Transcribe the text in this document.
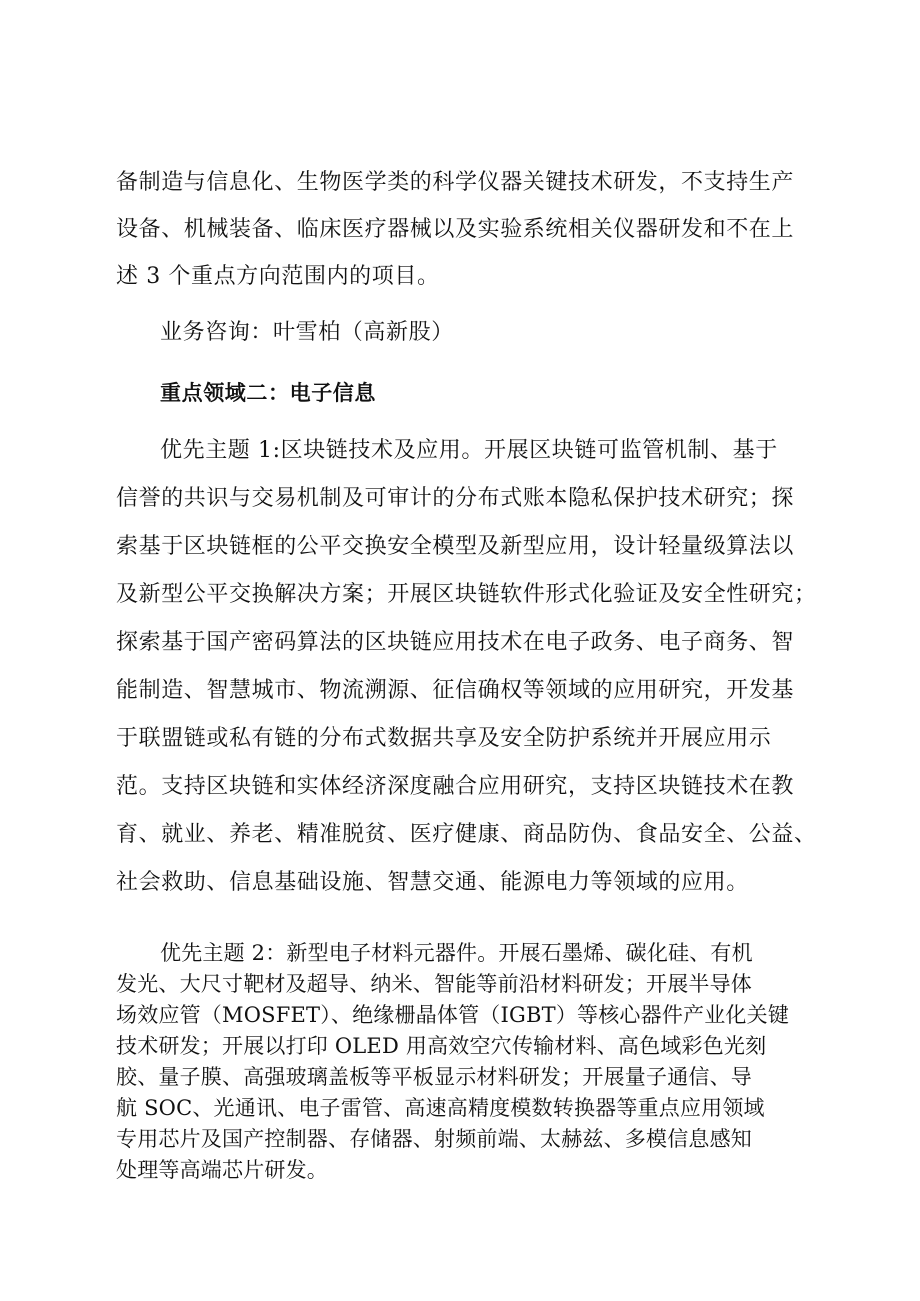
备制造与信息化、生物医学类的科学仪器关键技术研发，不支持生产
设备、机械装备、临床医疗器械以及实验系统相关仪器研发和不在上
述 3 个重点方向范围内的项目。
业务咨询：叶雪柏（高新股）
重点领域二：电子信息
优先主题 1:区块链技术及应用。开展区块链可监管机制、基于
信誉的共识与交易机制及可审计的分布式账本隐私保护技术研究；探
索基于区块链框的公平交换安全模型及新型应用，设计轻量级算法以
及新型公平交换解决方案；开展区块链软件形式化验证及安全性研究；
探索基于国产密码算法的区块链应用技术在电子政务、电子商务、智
能制造、智慧城市、物流溯源、征信确权等领域的应用研究，开发基
于联盟链或私有链的分布式数据共享及安全防护系统并开展应用示
范。支持区块链和实体经济深度融合应用研究，支持区块链技术在教
育、就业、养老、精准脱贫、医疗健康、商品防伪、食品安全、公益、
社会救助、信息基础设施、智慧交通、能源电力等领域的应用。
优先主题 2：新型电子材料元器件。开展石墨烯、碳化硅、有机
发光、大尺寸靶材及超导、纳米、智能等前沿材料研发；开展半导体
场效应管（MOSFET）、绝缘栅晶体管（IGBT）等核心器件产业化关键
技术研发；开展以打印 OLED 用高效空穴传输材料、高色域彩色光刻
胶、量子膜、高强玻璃盖板等平板显示材料研发；开展量子通信、导
航 SOC、光通讯、电子雷管、高速高精度模数转换器等重点应用领域
专用芯片及国产控制器、存储器、射频前端、太赫兹、多模信息感知
处理等高端芯片研发。
